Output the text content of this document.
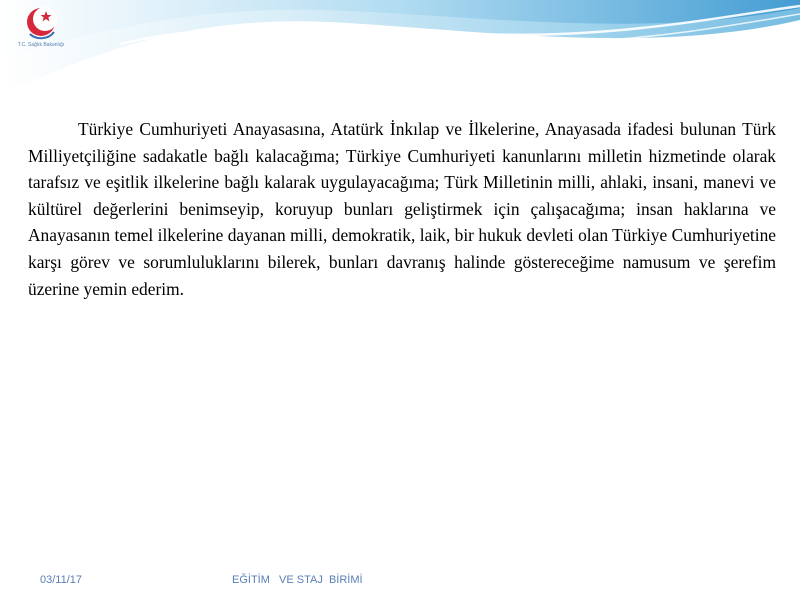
T.C. Sağlık Bakanlığı
Türkiye Cumhuriyeti Anayasasına, Atatürk İnkılap ve İlkelerine, Anayasada ifadesi bulunan Türk Milliyetçiliğine sadakatle bağlı kalacağıma; Türkiye Cumhuriyeti kanunlarını milletin hizmetinde olarak tarafsız ve eşitlik ilkelerine bağlı kalarak uygulayacağıma; Türk Milletinin milli, ahlaki, insani, manevi ve kültürel değerlerini benimseyip, koruyup bunları geliştirmek için çalışacağıma; insan haklarına ve Anayasanın temel ilkelerine dayanan milli, demokratik, laik, bir hukuk devleti olan Türkiye Cumhuriyetine karşı görev ve sorumluluklarını bilerek, bunları davranış halinde göstereceğime namusum ve şerefim üzerine yemin ederim.
03/11/17	EĞİTİM   VE STAJ  BİRİMİ
